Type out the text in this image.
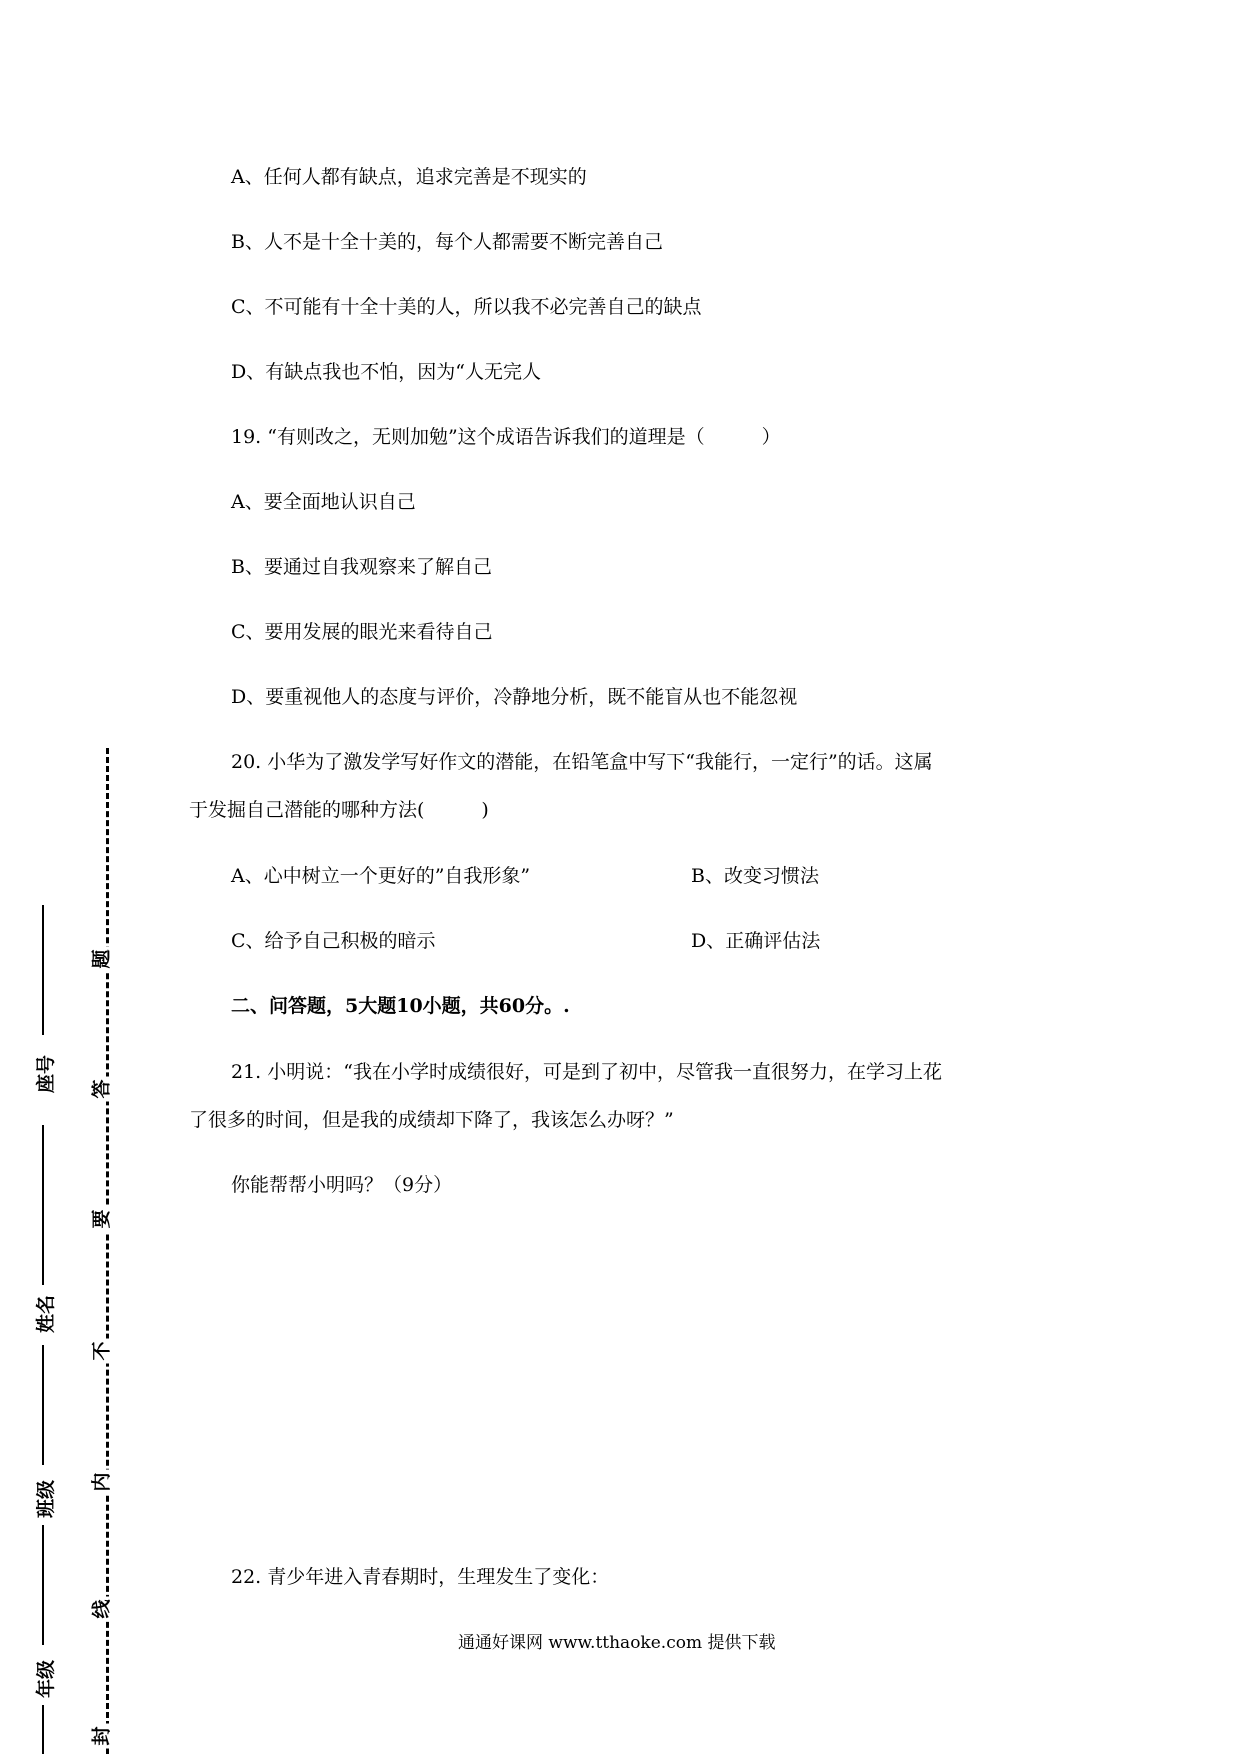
A、任何人都有缺点，追求完善是不现实的
B、人不是十全十美的，每个人都需要不断完善自己
C、不可能有十全十美的人，所以我不必完善自己的缺点
D、有缺点我也不怕，因为“人无完人
19. “有则改之，无则加勉”这个成语告诉我们的道理是（　　　）
A、要全面地认识自己
B、要通过自我观察来了解自己
C、要用发展的眼光来看待自己
D、要重视他人的态度与评价，冷静地分析，既不能盲从也不能忽视
20. 小华为了激发学写好作文的潜能，在铅笔盒中写下“我能行，一定行”的话。这属
于发掘自己潜能的哪种方法(　　　)
A、心中树立一个更好的”自我形象”	B、改变习惯法
C、给予自己积极的暗示	D、正确评估法
二、问答题，5大题10小题，共60分。.
21. 小明说：“我在小学时成绩很好，可是到了初中，尽管我一直很努力，在学习上花
了很多的时间，但是我的成绩却下降了，我该怎么办呀？”
你能帮帮小明吗？（9分）
22. 青少年进入青春期时，生理发生了变化：
通通好课网 www.tthaoke.com 提供下载
题
答
要
不
内
线
封
座号
姓名
班级
年级
